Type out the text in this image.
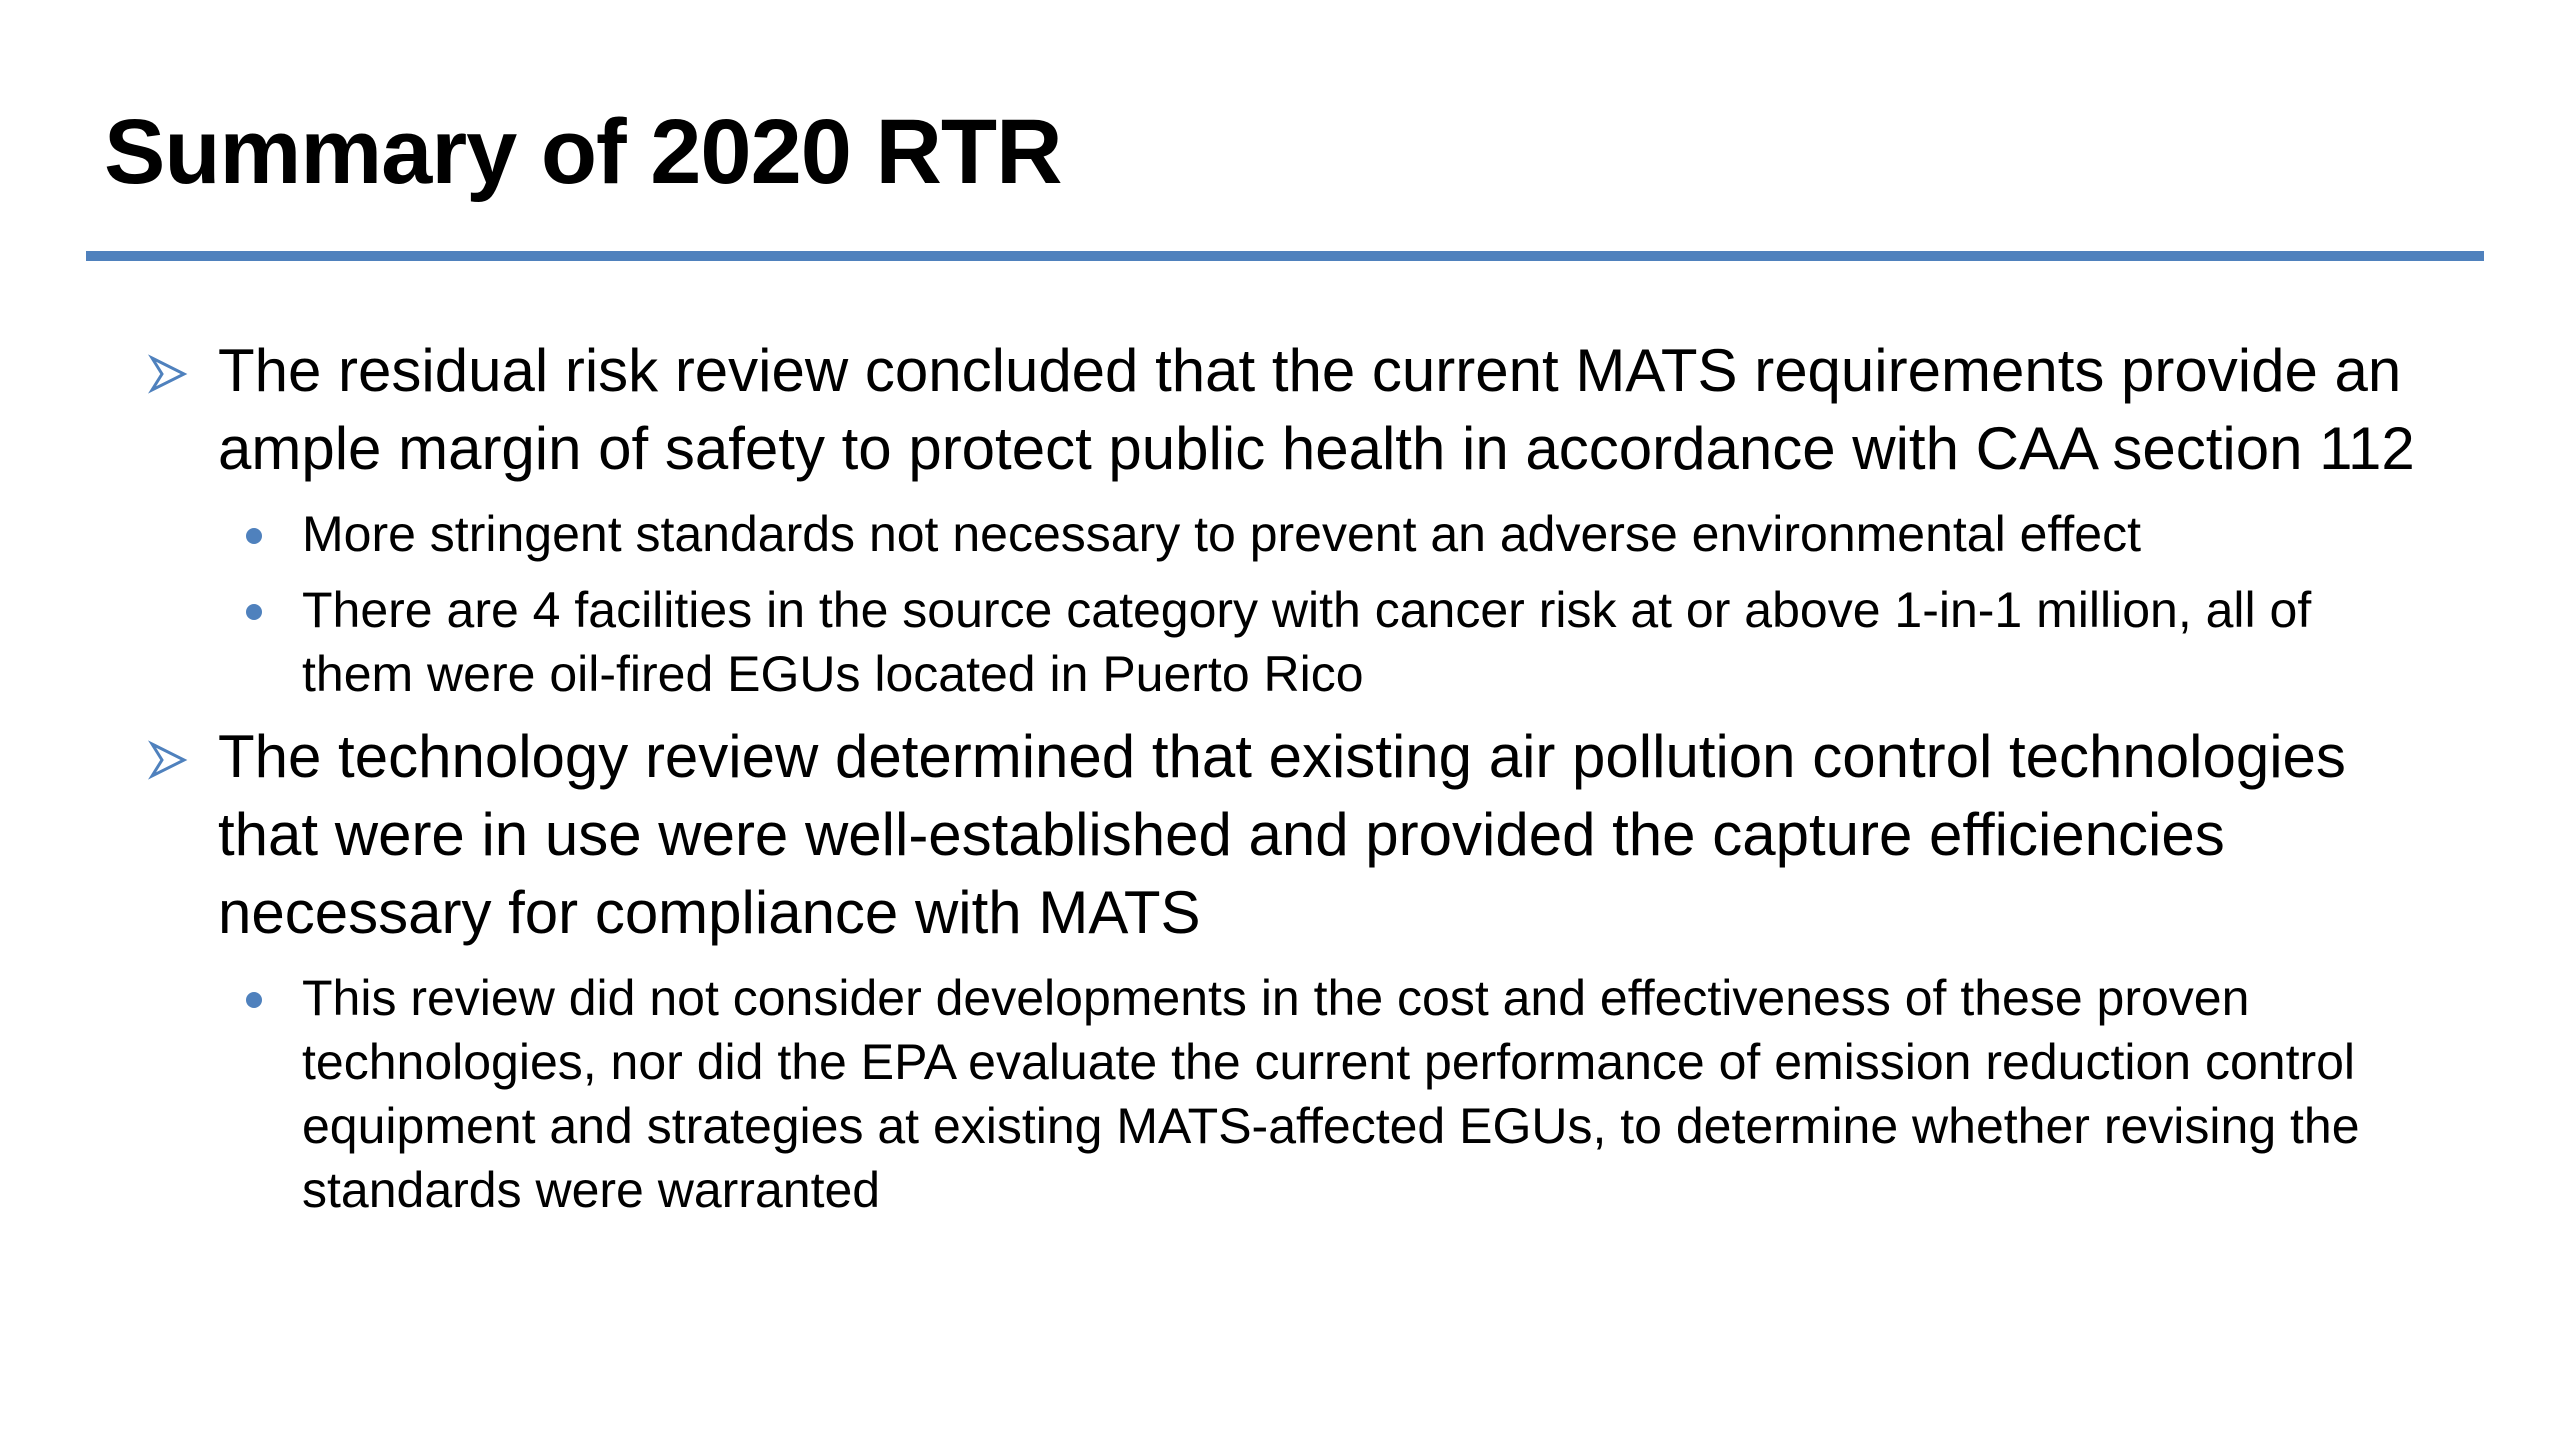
Summary of 2020 RTR
The residual risk review concluded that the current MATS requirements provide an ample margin of safety to protect public health in accordance with CAA section 112
More stringent standards not necessary to prevent an adverse environmental effect
There are 4 facilities in the source category with cancer risk at or above 1-in-1 million, all of them were oil-fired EGUs located in Puerto Rico
The technology review determined that existing air pollution control technologies that were in use were well-established and provided the capture efficiencies necessary for compliance with MATS
This review did not consider developments in the cost and effectiveness of these proven technologies, nor did the EPA evaluate the current performance of emission reduction control equipment and strategies at existing MATS-affected EGUs, to determine whether revising the standards were warranted
